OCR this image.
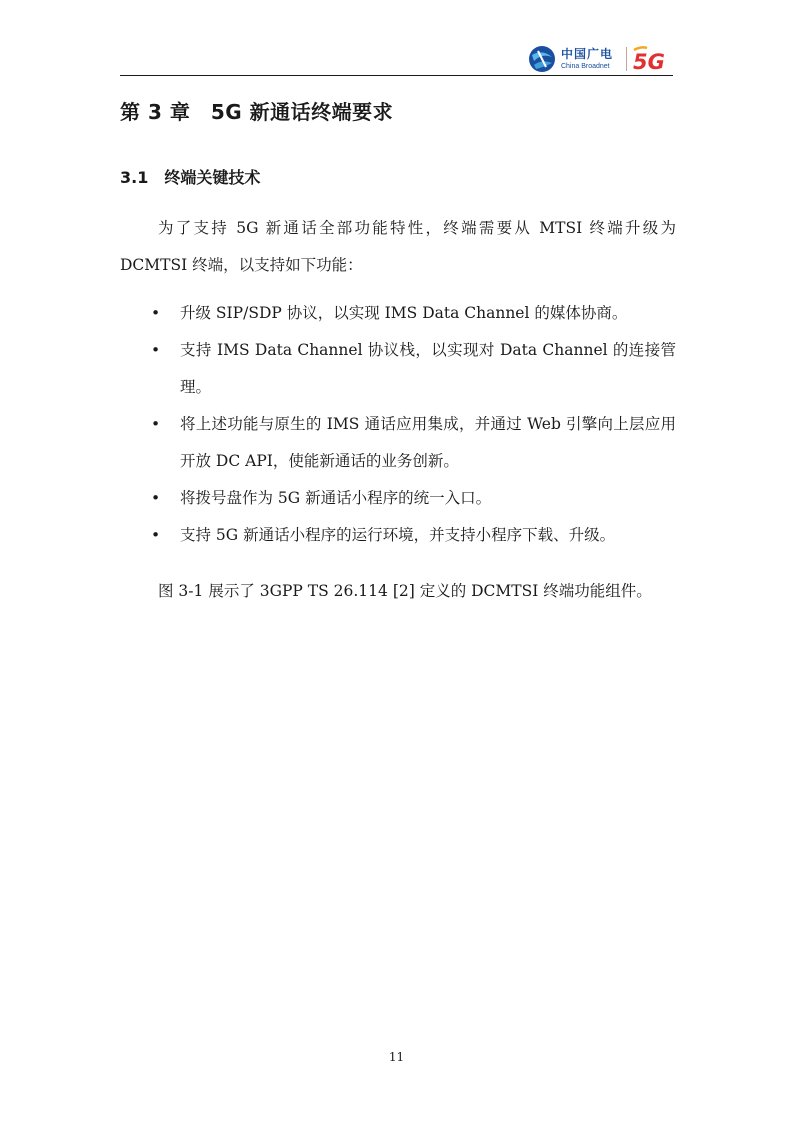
中国广电
China Broadnet 5G
第 3 章　5G 新通话终端要求
3.1　终端关键技术

为了支持 5G 新通话全部功能特性，终端需要从 MTSI 终端升级为 DCMTSI 终端，以支持如下功能：

• 升级 SIP/SDP 协议，以实现 IMS Data Channel 的媒体协商。
• 支持 IMS Data Channel 协议栈，以实现对 Data Channel 的连接管理。
• 将上述功能与原生的 IMS 通话应用集成，并通过 Web 引擎向上层应用开放 DC API，使能新通话的业务创新。
• 将拨号盘作为 5G 新通话小程序的统一入口。
• 支持 5G 新通话小程序的运行环境，并支持小程序下载、升级。

图 3-1 展示了 3GPP TS 26.114 [2] 定义的 DCMTSI 终端功能组件。

11
